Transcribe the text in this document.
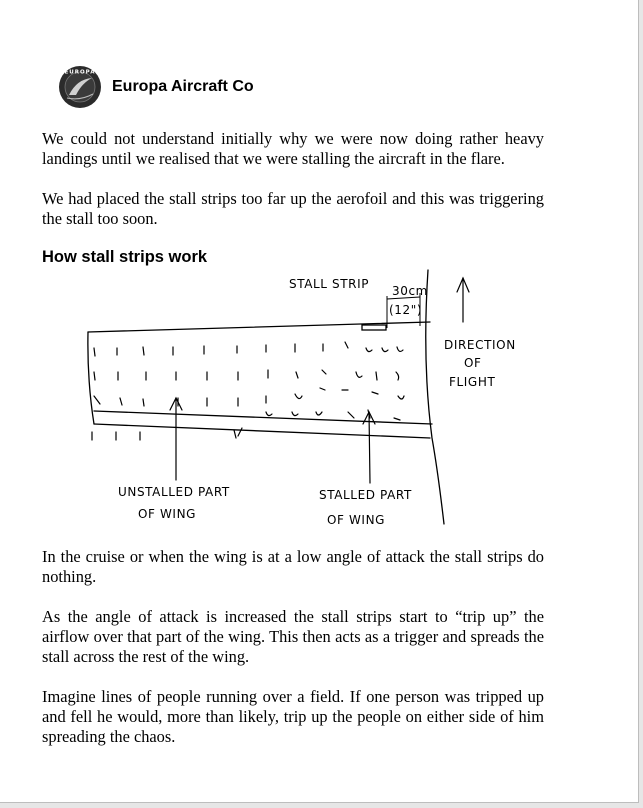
EUROPA
Europa Aircraft Co

We could not understand initially why we were now doing rather heavy landings until we realised that we were stalling the aircraft in the flare.

We had placed the stall strips too far up the aerofoil and this was triggering the stall too soon.

How stall strips work
STALL STRIP 30cm
(12")
DIRECTION
OF
FLIGHT
UNSTALLED PART
OF WING
STALLED PART
OF WING

In the cruise or when the wing is at a low angle of attack the stall strips do nothing.

As the angle of attack is increased the stall strips start to “trip up” the airflow over that part of the wing. This then acts as a trigger and spreads the stall across the rest of the wing.

Imagine lines of people running over a field. If one person was tripped up and fell he would, more than likely, trip up the people on either side of him spreading the chaos.
